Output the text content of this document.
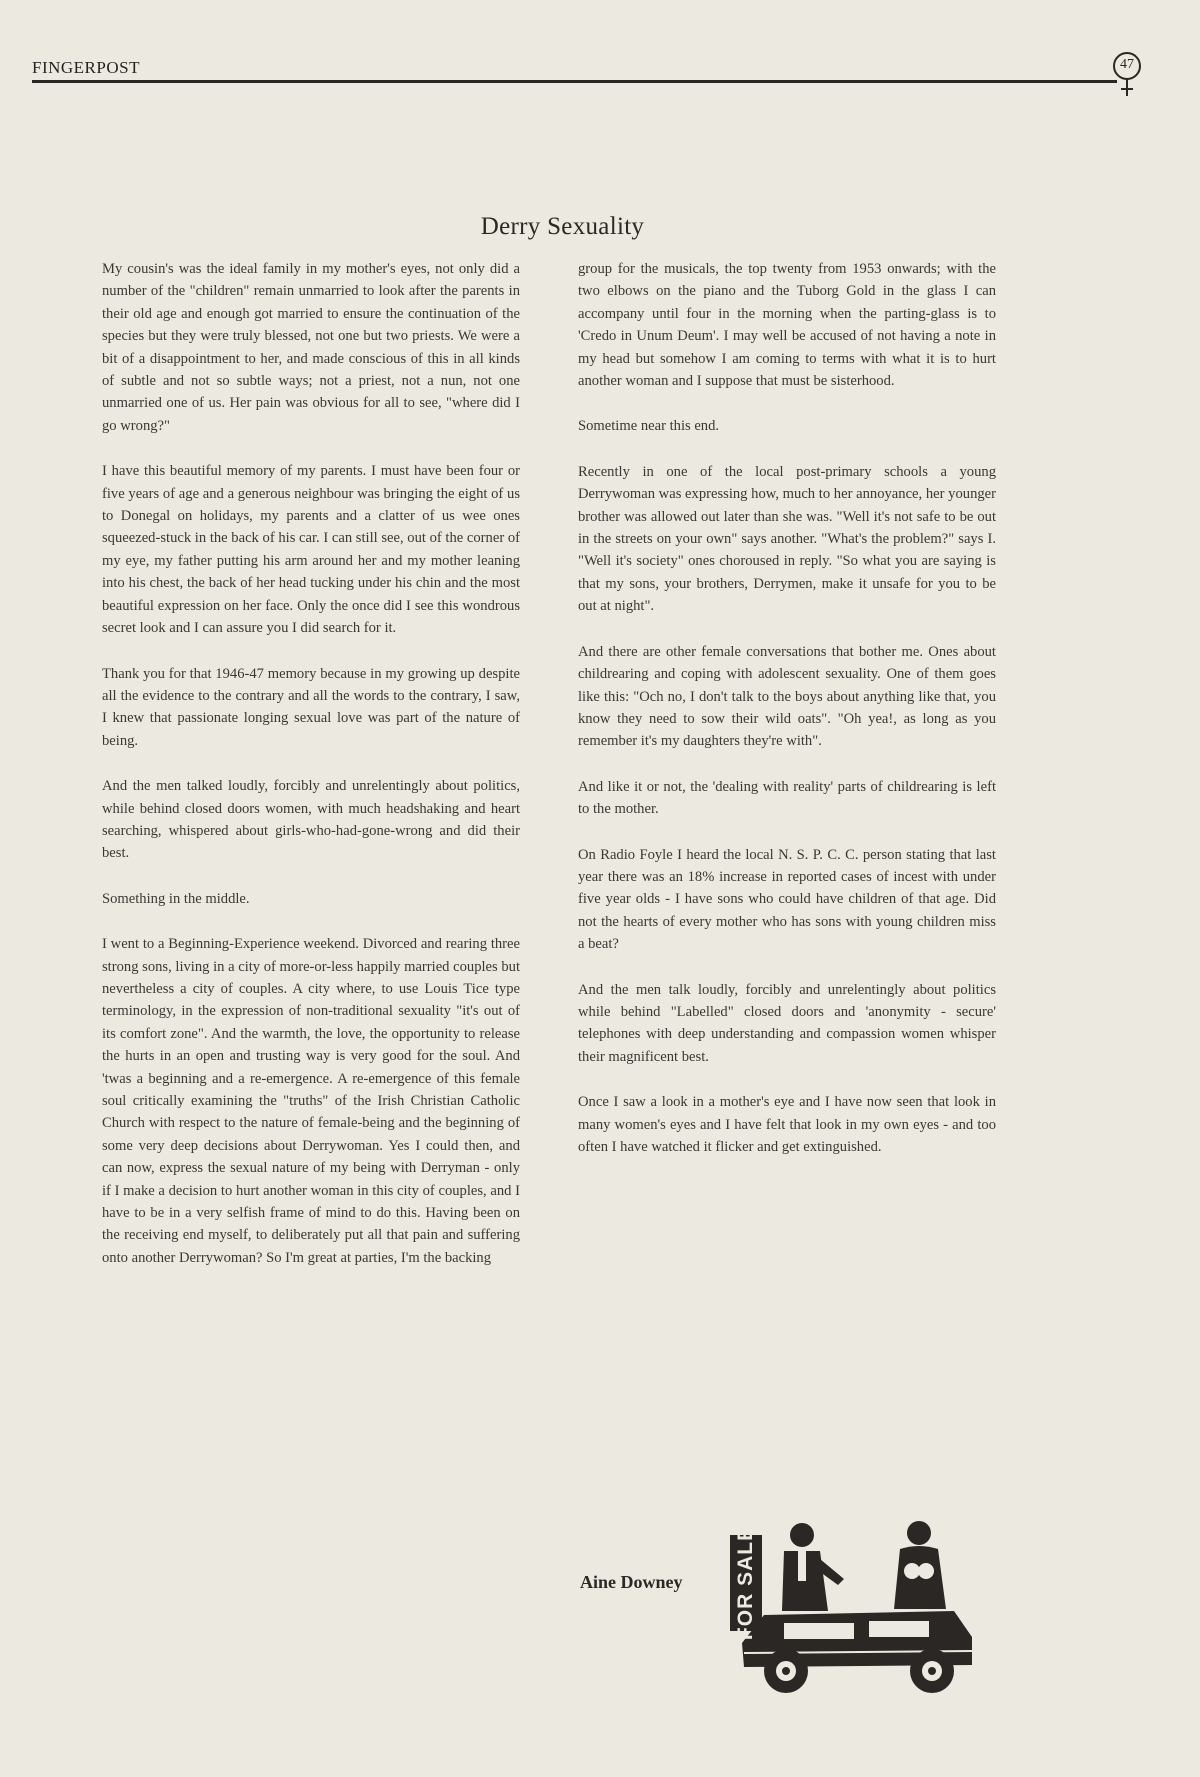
FINGERPOST	47
Derry Sexuality

My cousin's was the ideal family in my mother's eyes, not only did a number of the "children" remain unmarried to look after the parents in their old age and enough got married to ensure the continuation of the species but they were truly blessed, not one but two priests. We were a bit of a disappointment to her, and made conscious of this in all kinds of subtle and not so subtle ways; not a priest, not a nun, not one unmarried one of us. Her pain was obvious for all to see, "where did I go wrong?"

I have this beautiful memory of my parents. I must have been four or five years of age and a generous neighbour was bringing the eight of us to Donegal on holidays, my parents and a clatter of us wee ones squeezed-stuck in the back of his car. I can still see, out of the corner of my eye, my father putting his arm around her and my mother leaning into his chest, the back of her head tucking under his chin and the most beautiful expression on her face. Only the once did I see this wondrous secret look and I can assure you I did search for it.

Thank you for that 1946-47 memory because in my growing up despite all the evidence to the contrary and all the words to the contrary, I saw, I knew that passionate longing sexual love was part of the nature of being.

And the men talked loudly, forcibly and unrelentingly about politics, while behind closed doors women, with much headshaking and heart searching, whispered about girls-who-had-gone-wrong and did their best.

Something in the middle.

I went to a Beginning-Experience weekend. Divorced and rearing three strong sons, living in a city of more-or-less happily married couples but nevertheless a city of couples. A city where, to use Louis Tice type terminology, in the expression of non-traditional sexuality "it's out of its comfort zone". And the warmth, the love, the opportunity to release the hurts in an open and trusting way is very good for the soul. And 'twas a beginning and a re-emergence. A re-emergence of this female soul critically examining the "truths" of the Irish Christian Catholic Church with respect to the nature of female-being and the beginning of some very deep decisions about Derrywoman. Yes I could then, and can now, express the sexual nature of my being with Derryman - only if I make a decision to hurt another woman in this city of couples, and I have to be in a very selfish frame of mind to do this. Having been on the receiving end myself, to deliberately put all that pain and suffering onto another Derrywoman? So I'm great at parties, I'm the backing

group for the musicals, the top twenty from 1953 onwards; with the two elbows on the piano and the Tuborg Gold in the glass I can accompany until four in the morning when the parting-glass is to 'Credo in Unum Deum'. I may well be accused of not having a note in my head but somehow I am coming to terms with what it is to hurt another woman and I suppose that must be sisterhood.

Sometime near this end.

Recently in one of the local post-primary schools a young Derrywoman was expressing how, much to her annoyance, her younger brother was allowed out later than she was. "Well it's not safe to be out in the streets on your own" says another. "What's the problem?" says I. "Well it's society" ones choroused in reply. "So what you are saying is that my sons, your brothers, Derrymen, make it unsafe for you to be out at night".

And there are other female conversations that bother me. Ones about childrearing and coping with adolescent sexuality. One of them goes like this: "Och no, I don't talk to the boys about anything like that, you know they need to sow their wild oats". "Oh yea!, as long as you remember it's my daughters they're with".

And like it or not, the 'dealing with reality' parts of childrearing is left to the mother.

On Radio Foyle I heard the local N. S. P. C. C. person stating that last year there was an 18% increase in reported cases of incest with under five year olds - I have sons who could have children of that age. Did not the hearts of every mother who has sons with young children miss a beat?

And the men talk loudly, forcibly and unrelentingly about politics while behind "Labelled" closed doors and 'anonymity - secure' telephones with deep understanding and compassion women whisper their magnificent best.

Once I saw a look in a mother's eye and I have now seen that look in many women's eyes and I have felt that look in my own eyes - and too often I have watched it flicker and get extinguished.

Aine Downey FOR SALE
